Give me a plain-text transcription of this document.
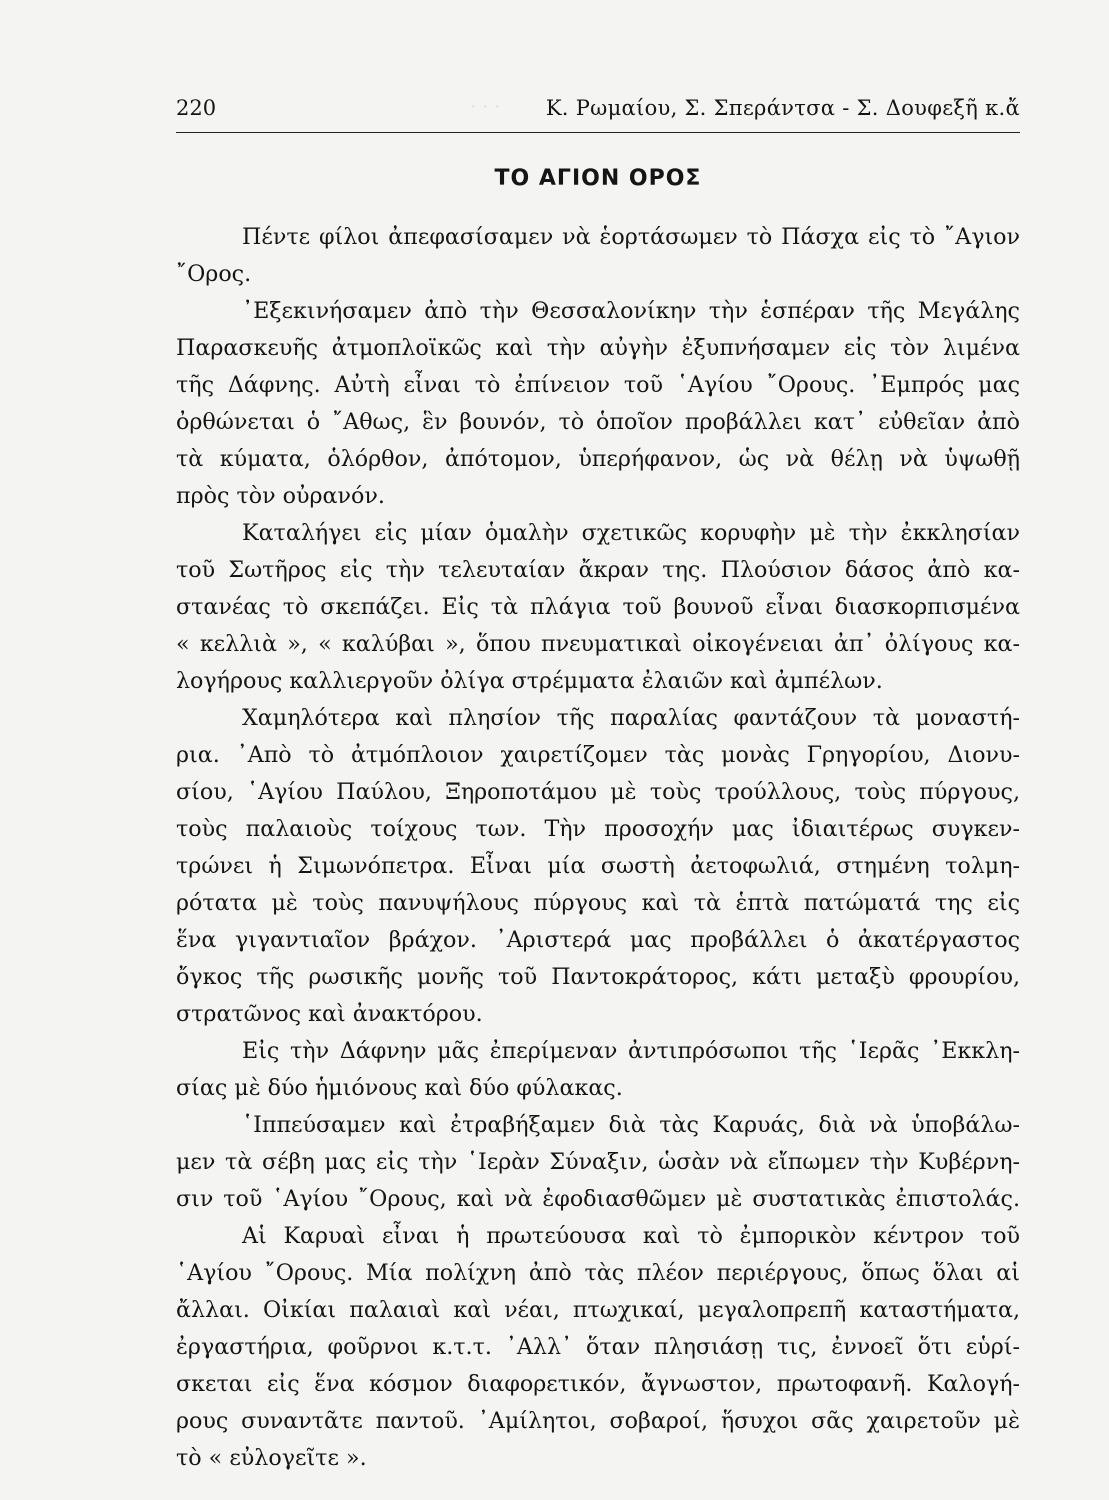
· · ·
220	Κ. Ρωμαίου, Σ. Σπεράντσα - Σ. Δουφεξῆ κ.ἄ
ΤΟ ΑΓΙΟΝ ΟΡΟΣ
Πέντε φίλοι ἀπεφασίσαμεν νὰ ἑορτάσωμεν τὸ Πάσχα εἰς τὸ ῎Αγιον
῎Ορος.
᾿Εξεκινήσαμεν ἀπὸ τὴν Θεσσαλονίκην τὴν ἑσπέραν τῆς Μεγάλης
Παρασκευῆς ἀτμοπλοϊκῶς καὶ τὴν αὐγὴν ἐξυπνήσαμεν εἰς τὸν λιμένα
τῆς Δάφνης. Αὐτὴ εἶναι τὸ ἐπίνειον τοῦ ῾Αγίου ῎Ορους. ᾿Εμπρός μας
ὀρθώνεται ὁ ῎Αθως, ἓν βουνόν, τὸ ὁποῖον προβάλλει κατ᾿ εὐθεῖαν ἀπὸ
τὰ κύματα, ὁλόρθον, ἀπότομον, ὑπερήφανον, ὡς νὰ θέλῃ νὰ ὑψωθῇ
πρὸς τὸν οὐρανόν.
Καταλήγει εἰς μίαν ὁμαλὴν σχετικῶς κορυφὴν μὲ τὴν ἐκκλησίαν
τοῦ Σωτῆρος εἰς τὴν τελευταίαν ἄκραν της. Πλούσιον δάσος ἀπὸ κα-
στανέας τὸ σκεπάζει. Εἰς τὰ πλάγια τοῦ βουνοῦ εἶναι διασκορπισμένα
« κελλιὰ », « καλύβαι », ὅπου πνευματικαὶ οἰκογένειαι ἀπ᾿ ὀλίγους κα-
λογήρους καλλιεργοῦν ὀλίγα στρέμματα ἐλαιῶν καὶ ἀμπέλων.
Χαμηλότερα καὶ πλησίον τῆς παραλίας φαντάζουν τὰ μοναστή-
ρια. ᾿Απὸ τὸ ἀτμόπλοιον χαιρετίζομεν τὰς μονὰς Γρηγορίου, Διονυ-
σίου, ῾Αγίου Παύλου, Ξηροποτάμου μὲ τοὺς τρούλλους, τοὺς πύργους,
τοὺς παλαιοὺς τοίχους των. Τὴν προσοχήν μας ἰδιαιτέρως συγκεν-
τρώνει ἡ Σιμωνόπετρα. Εἶναι μία σωστὴ ἀετοφωλιά, στημένη τολμη-
ρότατα μὲ τοὺς πανυψήλους πύργους καὶ τὰ ἑπτὰ πατώματά της εἰς
ἕνα γιγαντιαῖον βράχον. ᾿Αριστερά μας προβάλλει ὁ ἀκατέργαστος
ὄγκος τῆς ρωσικῆς μονῆς τοῦ Παντοκράτορος, κάτι μεταξὺ φρουρίου,
στρατῶνος καὶ ἀνακτόρου.
Εἰς τὴν Δάφνην μᾶς ἐπερίμεναν ἀντιπρόσωποι τῆς ῾Ιερᾶς ᾿Εκκλη-
σίας μὲ δύο ἡμιόνους καὶ δύο φύλακας.
῾Ιππεύσαμεν καὶ ἐτραβήξαμεν διὰ τὰς Καρυάς, διὰ νὰ ὑποβάλω-
μεν τὰ σέβη μας εἰς τὴν ῾Ιερὰν Σύναξιν, ὡσὰν νὰ εἴπωμεν τὴν Κυβέρνη-
σιν τοῦ ῾Αγίου ῎Ορους, καὶ νὰ ἐφοδιασθῶμεν μὲ συστατικὰς ἐπιστολάς.
Αἱ Καρυαὶ εἶναι ἡ πρωτεύουσα καὶ τὸ ἐμπορικὸν κέντρον τοῦ
῾Αγίου ῎Ορους. Μία πολίχνη ἀπὸ τὰς πλέον περιέργους, ὅπως ὅλαι αἱ
ἄλλαι. Οἰκίαι παλαιαὶ καὶ νέαι, πτωχικαί, μεγαλοπρεπῆ καταστήματα,
ἐργαστήρια, φοῦρνοι κ.τ.τ. ᾿Αλλ᾿ ὅταν πλησιάσῃ τις, ἐννοεῖ ὅτι εὑρί-
σκεται εἰς ἕνα κόσμον διαφορετικόν, ἄγνωστον, πρωτοφανῆ. Καλογή-
ρους συναντᾶτε παντοῦ. ᾿Αμίλητοι, σοβαροί, ἥσυχοι σᾶς χαιρετοῦν μὲ
τὸ « εὐλογεῖτε ».
